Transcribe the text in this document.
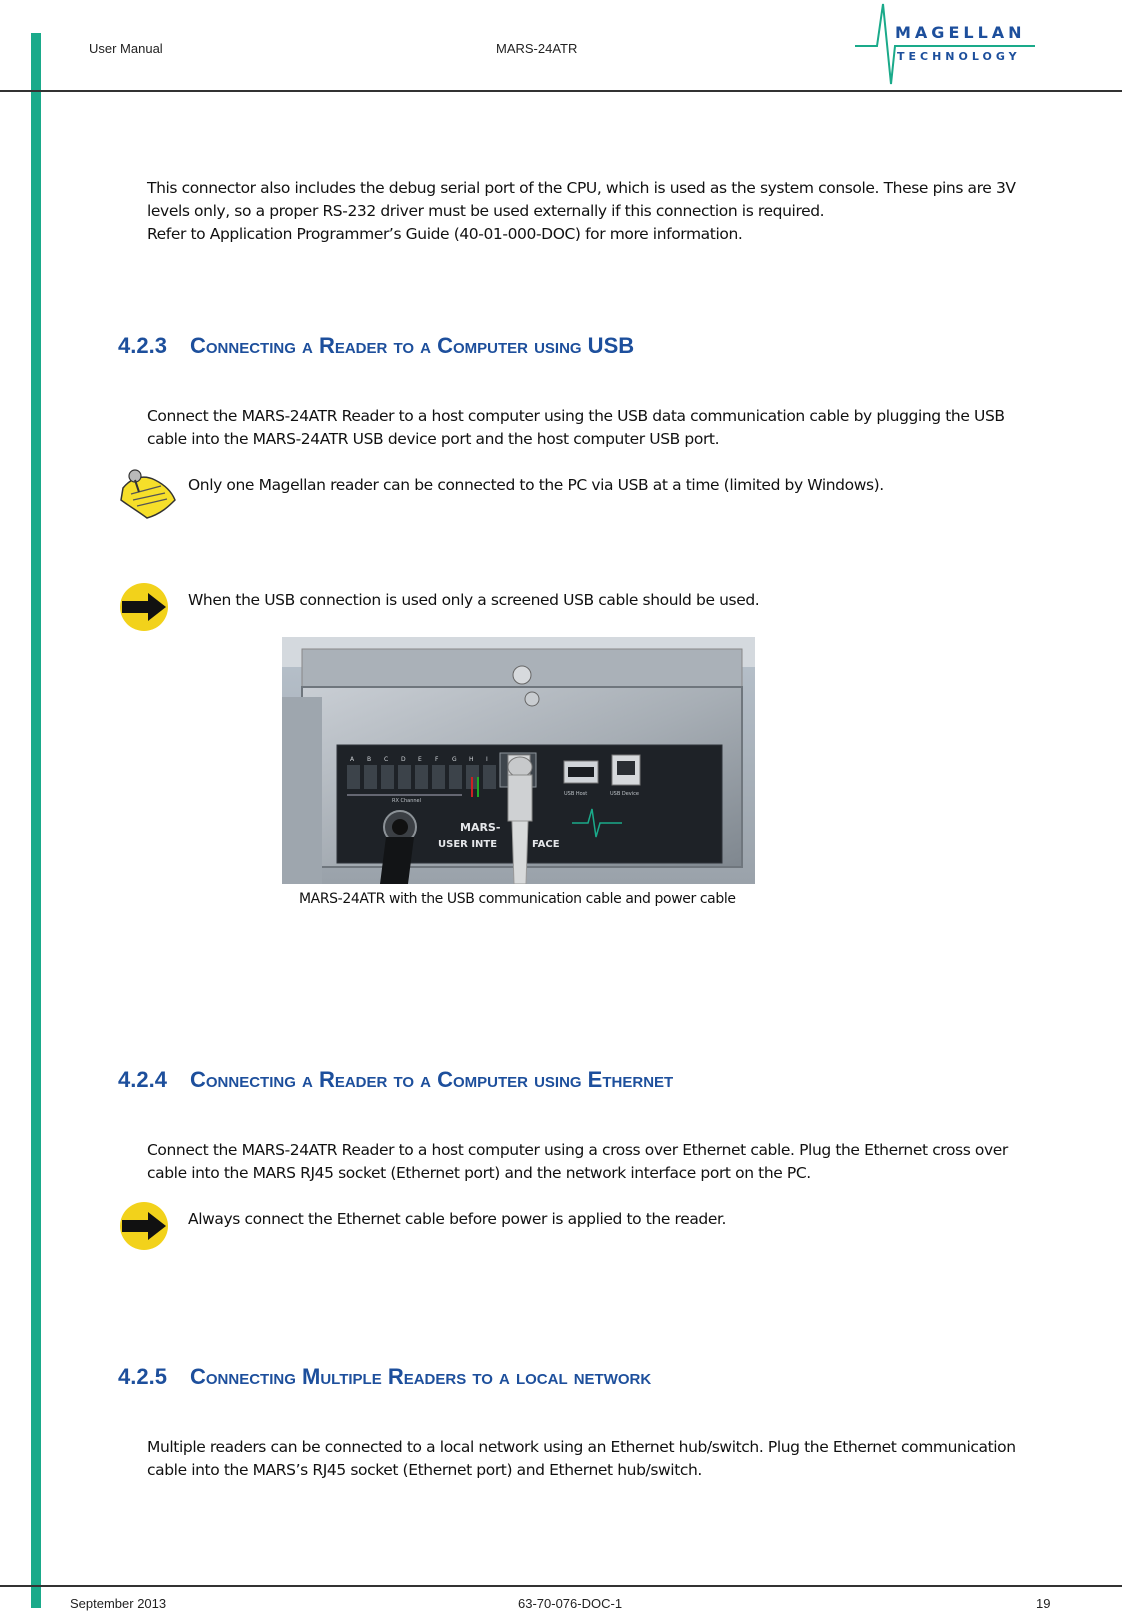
User Manual	MARS-24ATR
MAGELLAN
TECHNOLOGY
This connector also includes the debug serial port of the CPU, which is used as the system console. These pins are 3V
levels only, so a proper RS-232 driver must be used externally if this connection is required.
Refer to Application Programmer’s Guide (40-01-000-DOC) for more information.
4.2.3 Connecting a Reader to a Computer using USB
Connect the MARS-24ATR Reader to a host computer using the USB data communication cable by plugging the USB
cable into the MARS-24ATR USB device port and the host computer USB port.
Only one Magellan reader can be connected to the PC via USB at a time (limited by Windows).
When the USB connection is used only a screened USB cable should be used.
A B C D E F G H I
RX Channel
USB Host	USB Device
MARS-
USER INTE	FACE
MARS-24ATR with the USB communication cable and power cable
4.2.4 Connecting a Reader to a Computer using Ethernet
Connect the MARS-24ATR Reader to a host computer using a cross over Ethernet cable. Plug the Ethernet cross over
cable into the MARS RJ45 socket (Ethernet port) and the network interface port on the PC.
Always connect the Ethernet cable before power is applied to the reader.
4.2.5 Connecting Multiple Readers to a local network
Multiple readers can be connected to a local network using an Ethernet hub/switch. Plug the Ethernet communication
cable into the MARS’s RJ45 socket (Ethernet port) and Ethernet hub/switch.
September 2013	63-70-076-DOC-1	19
